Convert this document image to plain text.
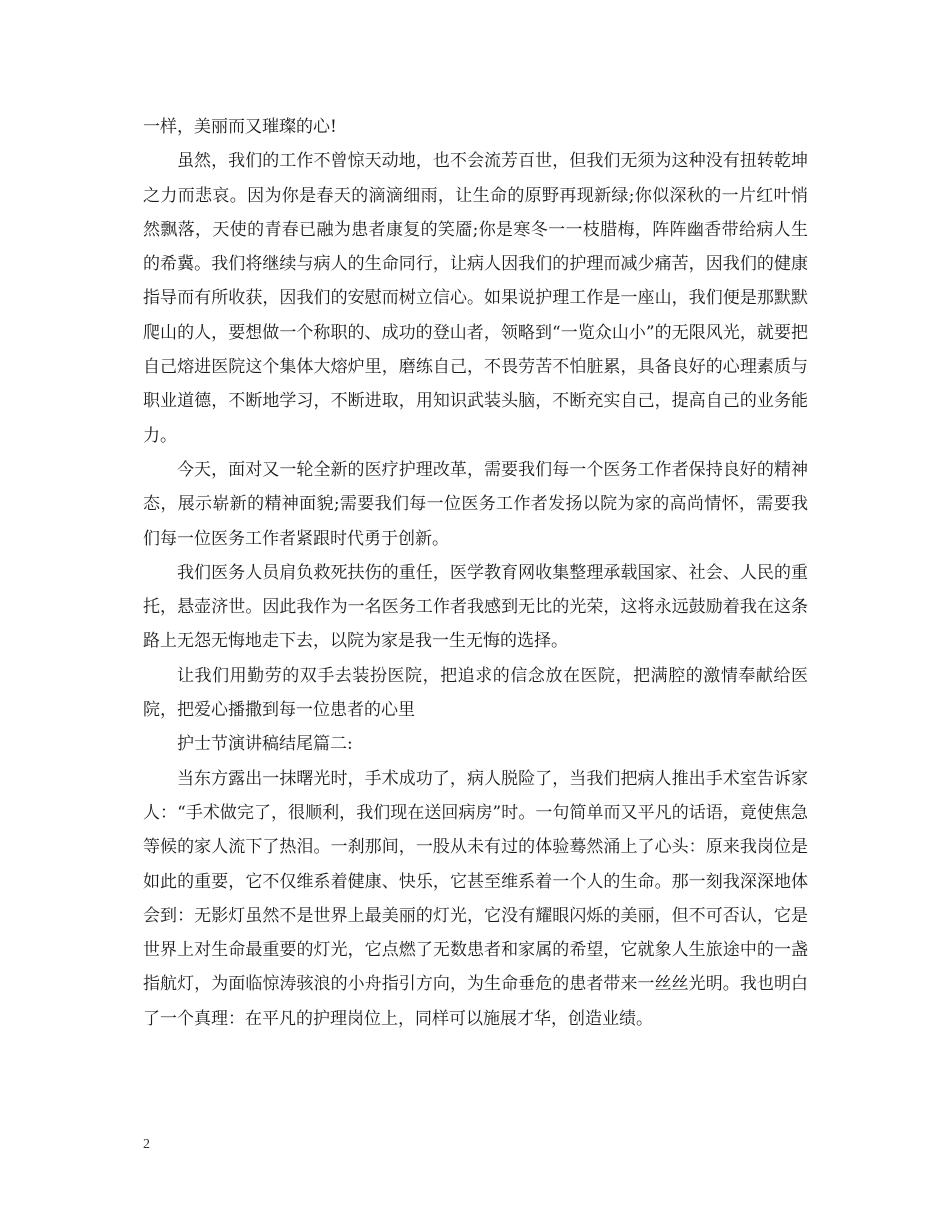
一样，美丽而又璀璨的心!

虽然，我们的工作不曾惊天动地，也不会流芳百世，但我们无须为这种没有扭转乾坤之力而悲哀。因为你是春天的滴滴细雨，让生命的原野再现新绿;你似深秋的一片红叶悄然飘落，天使的青春已融为患者康复的笑靥;你是寒冬一一枝腊梅，阵阵幽香带给病人生的希冀。我们将继续与病人的生命同行，让病人因我们的护理而减少痛苦，因我们的健康指导而有所收获，因我们的安慰而树立信心。如果说护理工作是一座山，我们便是那默默爬山的人，要想做一个称职的、成功的登山者，领略到“一览众山小”的无限风光，就要把自己熔进医院这个集体大熔炉里，磨练自己，不畏劳苦不怕脏累，具备良好的心理素质与职业道德，不断地学习，不断进取，用知识武装头脑，不断充实自己，提高自己的业务能力。

今天，面对又一轮全新的医疗护理改革，需要我们每一个医务工作者保持良好的精神态，展示崭新的精神面貌;需要我们每一位医务工作者发扬以院为家的高尚情怀，需要我们每一位医务工作者紧跟时代勇于创新。

我们医务人员肩负救死扶伤的重任，医学教育网收集整理承载国家、社会、人民的重托，悬壶济世。因此我作为一名医务工作者我感到无比的光荣，这将永远鼓励着我在这条路上无怨无悔地走下去，以院为家是我一生无悔的选择。

让我们用勤劳的双手去装扮医院，把追求的信念放在医院，把满腔的激情奉献给医院，把爱心播撒到每一位患者的心里

护士节演讲稿结尾篇二:

当东方露出一抹曙光时，手术成功了，病人脱险了，当我们把病人推出手术室告诉家人：“手术做完了，很顺利，我们现在送回病房”时。一句简单而又平凡的话语，竟使焦急等候的家人流下了热泪。一刹那间，一股从未有过的体验蓦然涌上了心头：原来我岗位是如此的重要，它不仅维系着健康、快乐，它甚至维系着一个人的生命。那一刻我深深地体会到：无影灯虽然不是世界上最美丽的灯光，它没有耀眼闪烁的美丽，但不可否认，它是世界上对生命最重要的灯光，它点燃了无数患者和家属的希望，它就象人生旅途中的一盏指航灯，为面临惊涛骇浪的小舟指引方向，为生命垂危的患者带来一丝丝光明。我也明白了一个真理：在平凡的护理岗位上，同样可以施展才华，创造业绩。

2
